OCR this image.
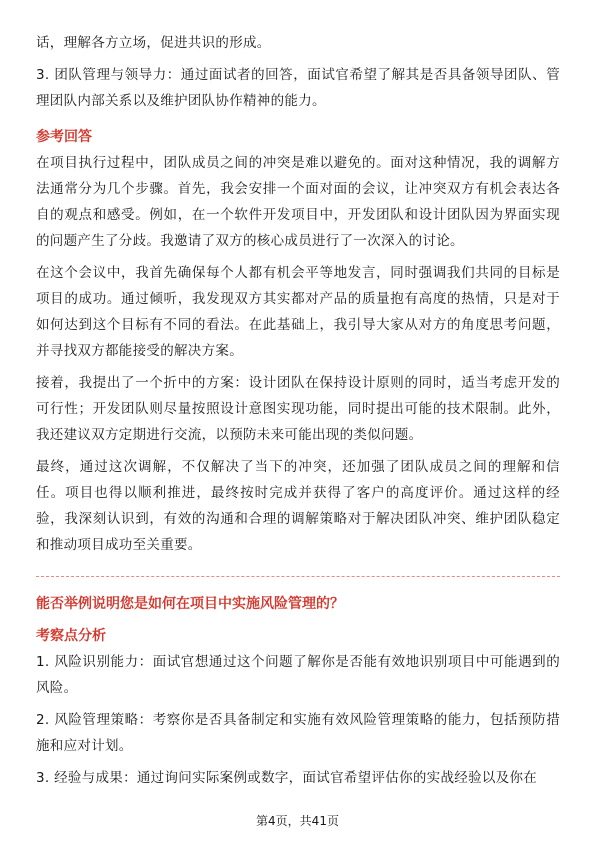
话，理解各方立场，促进共识的形成。

3. 团队管理与领导力：通过面试者的回答，面试官希望了解其是否具备领导团队、管理团队内部关系以及维护团队协作精神的能力。

参考回答

在项目执行过程中，团队成员之间的冲突是难以避免的。面对这种情况，我的调解方法通常分为几个步骤。首先，我会安排一个面对面的会议，让冲突双方有机会表达各自的观点和感受。例如，在一个软件开发项目中，开发团队和设计团队因为界面实现的问题产生了分歧。我邀请了双方的核心成员进行了一次深入的讨论。

在这个会议中，我首先确保每个人都有机会平等地发言，同时强调我们共同的目标是项目的成功。通过倾听，我发现双方其实都对产品的质量抱有高度的热情，只是对于如何达到这个目标有不同的看法。在此基础上，我引导大家从对方的角度思考问题，并寻找双方都能接受的解决方案。

接着，我提出了一个折中的方案：设计团队在保持设计原则的同时，适当考虑开发的可行性；开发团队则尽量按照设计意图实现功能，同时提出可能的技术限制。此外，我还建议双方定期进行交流，以预防未来可能出现的类似问题。

最终，通过这次调解，不仅解决了当下的冲突，还加强了团队成员之间的理解和信任。项目也得以顺利推进，最终按时完成并获得了客户的高度评价。通过这样的经验，我深刻认识到，有效的沟通和合理的调解策略对于解决团队冲突、维护团队稳定和推动项目成功至关重要。

能否举例说明您是如何在项目中实施风险管理的？
考察点分析

1. 风险识别能力：面试官想通过这个问题了解你是否能有效地识别项目中可能遇到的风险。

2. 风险管理策略：考察你是否具备制定和实施有效风险管理策略的能力，包括预防措施和应对计划。

3. 经验与成果：通过询问实际案例或数字，面试官希望评估你的实战经验以及你在

第4页，共41页
